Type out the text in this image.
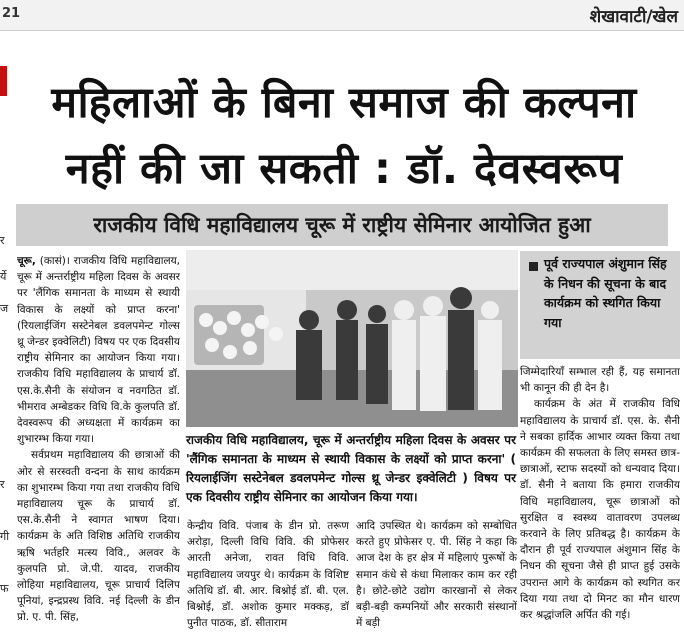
21	शेखावाटी/खेल
महिलाओं के बिना समाज की कल्पना
नहीं की जा सकती : डॉ. देवस्वरूप
राजकीय विधि महाविद्यालय चूरू में राष्ट्रीय सेमिनार आयोजित हुआ
र
र्ये
ज
र
गी
फ

चूरू, (कासं)। राजकीय विधि महाविद्यालय, चूरू में अन्तर्राष्ट्रीय महिला दिवस के अवसर पर 'लैंगिक समानता के माध्यम से स्थायी विकास के लक्ष्यों को प्राप्त करना' (रियलाईजिंग सस्टेनेबल डवलपमेन्ट गोल्स थ्रू जेन्डर इक्वेलिटी) विषय पर एक दिवसीय राष्ट्रीय सेमिनार का आयोजन किया गया। राजकीय विधि महाविद्यालय के प्राचार्य डॉ. एस.के.सैनी के संयोजन व नवगठित डॉ. भीमराव अम्बेडकर विधि वि.के कुलपति डॉ. देवस्वरूप की अध्यक्षता में कार्यक्रम का शुभारम्भ किया गया।

सर्वप्रथम महाविद्यालय की छात्राओं की ओर से सरस्वती वन्दना के साथ कार्यक्रम का शुभारम्भ किया गया तथा राजकीय विधि महाविद्यालय चूरू के प्राचार्य डॉ. एस.के.सैनी ने स्वागत भाषण दिया। कार्यक्रम के अति विशिष्ठ अतिथि राजकीय ऋषि भर्तहरि मत्स्य विवि., अलवर के कुलपति प्रो. जे.पी. यादव, राजकीय लोहिया महाविद्यालय, चूरू प्राचार्य दिलिप पूनियां, इन्द्रप्रस्थ विवि. नई दिल्ली के डीन प्रो. ए. पी. सिंह,

राजकीय विधि महाविद्यालय, चूरू में अन्तर्राष्ट्रीय महिला दिवस के अवसर पर 'लैंगिक समानता के माध्यम से स्थायी विकास के लक्ष्यों को प्राप्त करना' ( रियलाईजिंग सस्टेनेबल डवलपमेन्ट गोल्स थ्रू जेन्डर इक्वेलिटी ) विषय पर एक दिवसीय राष्ट्रीय सेमिनार का आयोजन किया गया।

केन्द्रीय विवि. पंजाब के डीन प्रो. तरूण अरोड़ा, दिल्ली विधि विवि. की प्रोफेसर आरती अनेजा, रावत विधि विवि. महाविद्यालय जयपुर थे। कार्यक्रम के विशिष्ट अतिथि डॉ. बी. आर. बिश्नोई डॉ. बी. एल. बिश्नोई, डॉ. अशोक कुमार मक्कड़, डॉ पुनीत पाठक, डॉ. सीताराम

आदि उपस्थित थे। कार्यक्रम को सम्बोधित करते हुए प्रोफेसर ए. पी. सिंह ने कहा कि आज देश के हर क्षेत्र में महिलाएं पुरूषों के समान कंधे से कंधा मिलाकर काम कर रही है। छोटे-छोटे उद्योग कारखानों से लेकर बड़ी-बड़ी कम्पनियों और सरकारी संस्थानों में बड़ी

पूर्व राज्यपाल अंशुमान सिंह के निधन की सूचना के बाद कार्यक्रम को स्थगित किया गया

जिम्मेदारियाँ सम्भाल रही हैं, यह समानता भी कानून की ही देन है।

कार्यक्रम के अंत में राजकीय विधि महाविद्यालय के प्राचार्य डॉ. एस. के. सैनी ने सबका हार्दिक आभार व्यक्त किया तथा कार्यक्रम की सफलता के लिए समस्त छात्र-छात्राओं, स्टाफ सदस्यों को धन्यवाद दिया। डॉ. सैनी ने बताया कि हमारा राजकीय विधि महाविद्यालय, चूरू छात्राओं को सुरक्षित व स्वस्थ्य वातावरण उपलब्ध करवाने के लिए प्रतिबद्ध है। कार्यक्रम के दौरान ही पूर्व राज्यपाल अंशुमान सिंह के निधन की सूचना जैसे ही प्राप्त हुई उसके उपरान्त आगे के कार्यक्रम को स्थगित कर दिया गया तथा दो मिनट का मौन धारण कर श्रद्धांजलि अर्पित की गई।
